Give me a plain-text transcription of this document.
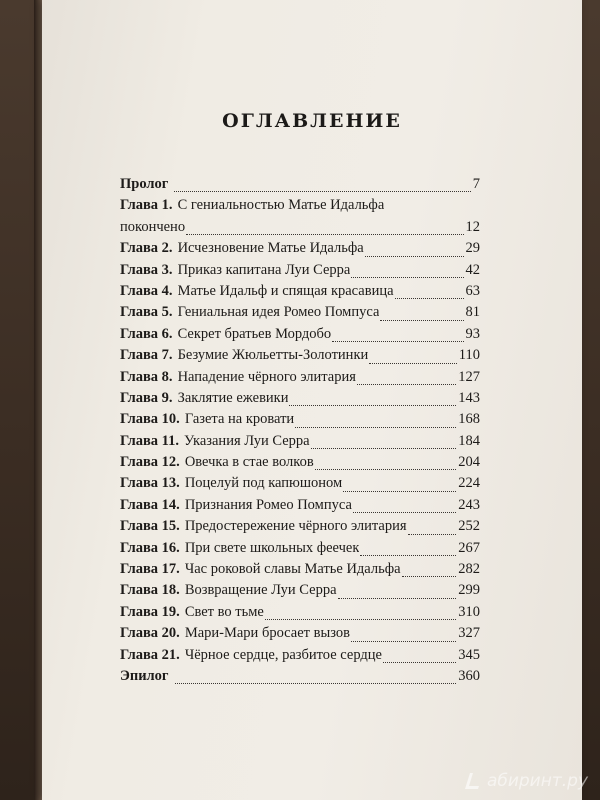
ОГЛАВЛЕНИЕ
Пролог	7
Глава 1. С гениальностью Матье Идальфа
покончено	12
Глава 2. Исчезновение Матье Идальфа	29
Глава 3. Приказ капитана Луи Серра	42
Глава 4. Матье Идальф и спящая красавица	63
Глава 5. Гениальная идея Ромео Помпуса	81
Глава 6. Секрет братьев Мордобо	93
Глава 7. Безумие Жюльетты-Золотинки	110
Глава 8. Нападение чёрного элитария	127
Глава 9. Заклятие ежевики	143
Глава 10. Газета на кровати	168
Глава 11. Указания Луи Серра	184
Глава 12. Овечка в стае волков	204
Глава 13. Поцелуй под капюшоном	224
Глава 14. Признания Ромео Помпуса	243
Глава 15. Предостережение чёрного элитария	252
Глава 16. При свете школьных феечек	267
Глава 17. Час роковой славы Матье Идальфа	282
Глава 18. Возвращение Луи Серра	299
Глава 19. Свет во тьме	310
Глава 20. Мари-Мари бросает вызов	327
Глава 21. Чёрное сердце, разбитое сердце	345
Эпилог	360
абиринт.ру
